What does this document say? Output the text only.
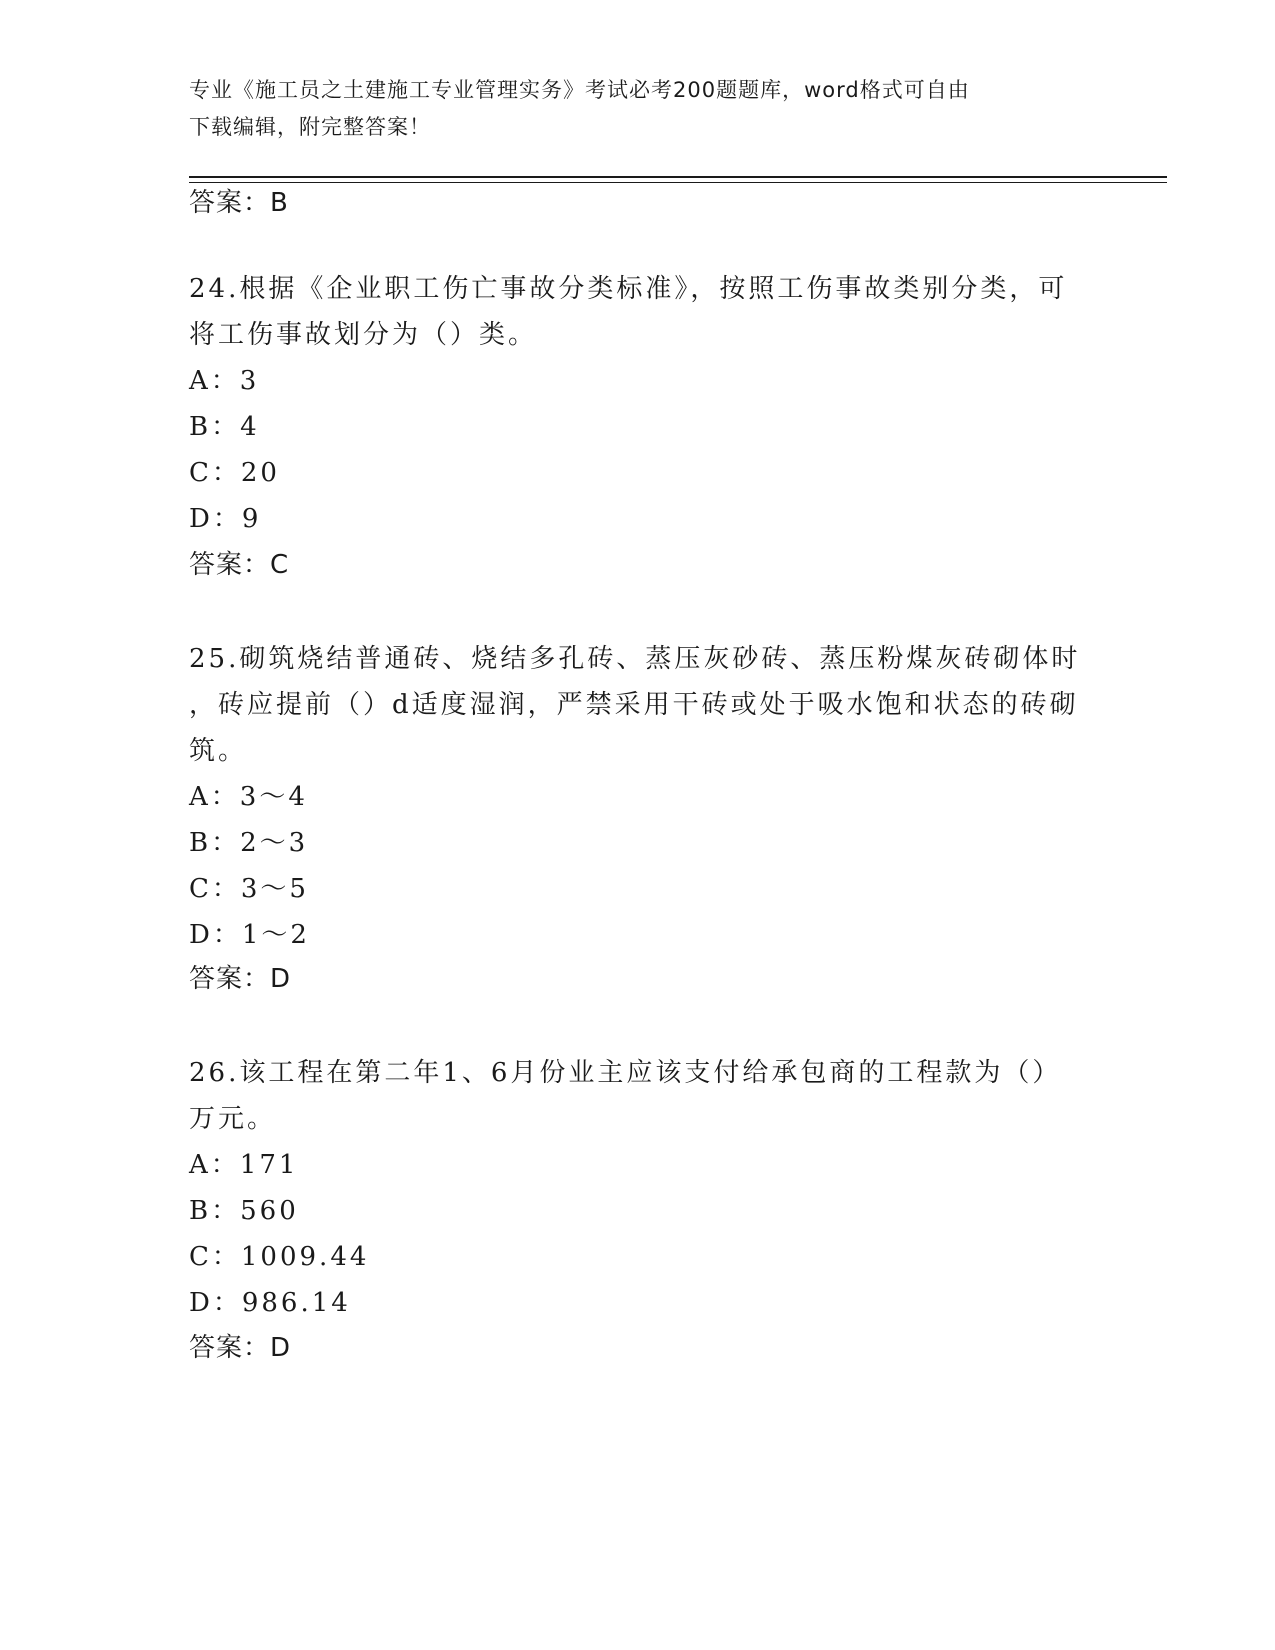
专业《施工员之土建施工专业管理实务》考试必考200题题库，word格式可自由
下载编辑，附完整答案！
答案：B
24.根据《企业职工伤亡事故分类标准》，按照工伤事故类别分类，可
将工伤事故划分为（）类。
A：3
B：4
C：20
D：9
答案：C
25.砌筑烧结普通砖、烧结多孔砖、蒸压灰砂砖、蒸压粉煤灰砖砌体时
，砖应提前（）d适度湿润，严禁采用干砖或处于吸水饱和状态的砖砌
筑。
A：3～4
B：2～3
C：3～5
D：1～2
答案：D
26.该工程在第二年1、6月份业主应该支付给承包商的工程款为（）
万元。
A：171
B：560
C：1009.44
D：986.14
答案：D
